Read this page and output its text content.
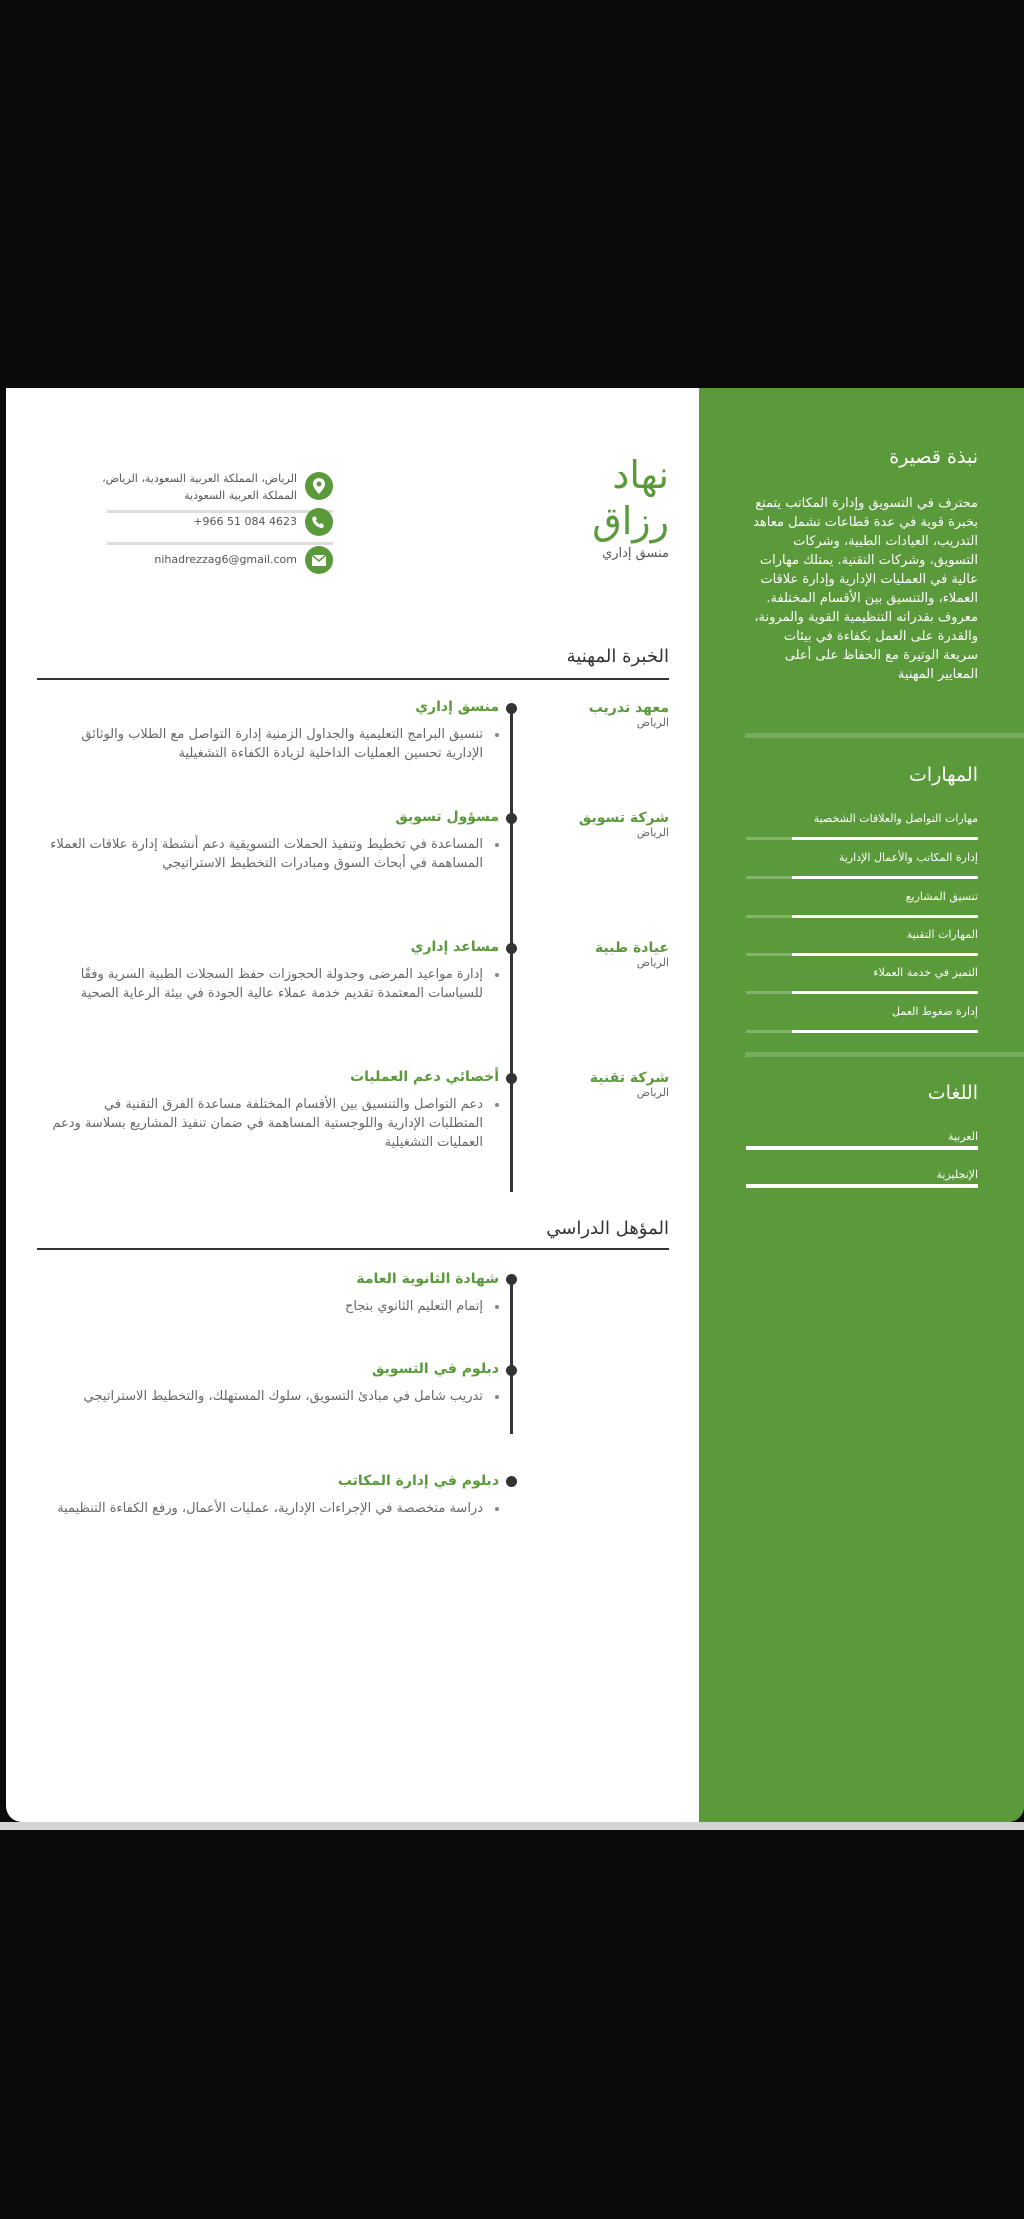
نهاد
رزاق
منسق إداري
الرياض، المملكة العربية السعودية، الرياض، المملكة العربية السعودية
+966 51 084 4623
nihadrezzag6@gmail.com
الخبرة المهنية
معهد تدريب
الرياض
منسق إداري
تنسيق البرامج التعليمية والجداول الزمنية إدارة التواصل مع الطلاب والوثائق الإدارية تحسين العمليات الداخلية لزيادة الكفاءة التشغيلية
شركة تسويق
الرياض
مسؤول تسويق
المساعدة في تخطيط وتنفيذ الحملات التسويقية دعم أنشطة إدارة علاقات العملاء المساهمة في أبحاث السوق ومبادرات التخطيط الاستراتيجي
عيادة طبية
الرياض
مساعد إداري
إدارة مواعيد المرضى وجدولة الحجوزات حفظ السجلات الطبية السرية وفقًا للسياسات المعتمدة تقديم خدمة عملاء عالية الجودة في بيئة الرعاية الصحية
شركة تقنية
الرياض
أخصائي دعم العمليات
دعم التواصل والتنسيق بين الأقسام المختلفة مساعدة الفرق التقنية في المتطلبات الإدارية واللوجستية المساهمة في ضمان تنفيذ المشاريع بسلاسة ودعم العمليات التشغيلية
المؤهل الدراسي
شهادة الثانوية العامة
إتمام التعليم الثانوي بنجاح
دبلوم في التسويق
تدريب شامل في مبادئ التسويق، سلوك المستهلك، والتخطيط الاستراتيجي
دبلوم في إدارة المكاتب
دراسة متخصصة في الإجراءات الإدارية، عمليات الأعمال، ورفع الكفاءة التنظيمية
نبذة قصيرة
محترف في التسويق وإدارة المكاتب يتمتع بخبرة قوية في عدة قطاعات تشمل معاهد التدريب، العيادات الطبية، وشركات التسويق، وشركات التقنية. يمتلك مهارات عالية في العمليات الإدارية وإدارة علاقات العملاء، والتنسيق بين الأقسام المختلفة. معروف بقدراته التنظيمية القوية والمرونة، والقدرة على العمل بكفاءة في بيئات سريعة الوتيرة مع الحفاظ على أعلى المعايير المهنية
المهارات
مهارات التواصل والعلاقات الشخصية
إدارة المكاتب والأعمال الإدارية
تنسيق المشاريع
المهارات التقنية
التميز في خدمة العملاء
إدارة ضغوط العمل
اللغات
العربية
الإنجليزية
